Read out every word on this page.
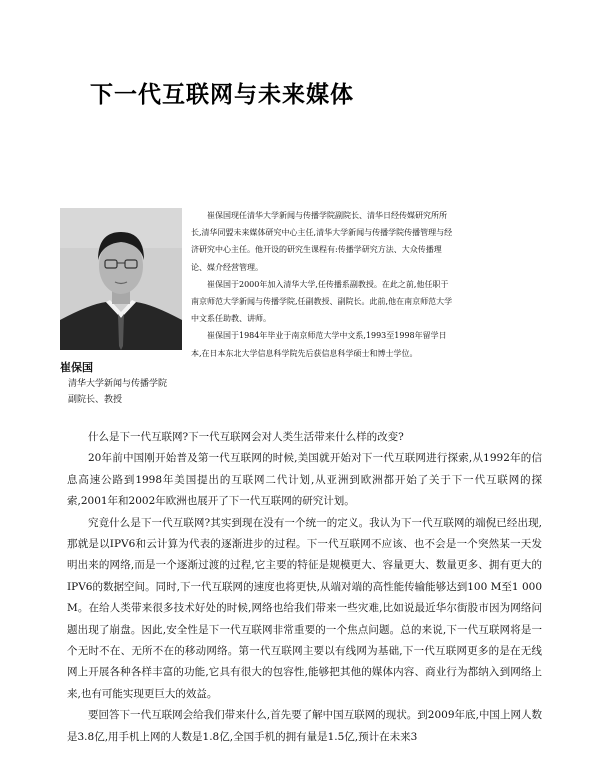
下一代互联网与未来媒体

崔保国现任清华大学新闻与传播学院副院长、清华日经传媒研究所所长,清华同盟未来媒体研究中心主任,清华大学新闻与传播学院传播管理与经济研究中心主任。他开设的研究生课程有:传播学研究方法、大众传播理论、媒介经营管理。

崔保国于2000年加入清华大学,任传播系副教授。在此之前,他任职于南京师范大学新闻与传播学院,任副教授、副院长。此前,他在南京师范大学中文系任助教、讲师。

崔保国于1984年毕业于南京师范大学中文系,1993至1998年留学日本,在日本东北大学信息科学院先后获信息科学硕士和博士学位。

崔保国
清华大学新闻与传播学院
副院长、教授

什么是下一代互联网?下一代互联网会对人类生活带来什么样的改变?

20年前中国刚开始普及第一代互联网的时候,美国就开始对下一代互联网进行探索,从1992年的信息高速公路到1998年美国提出的互联网二代计划,从亚洲到欧洲都开始了关于下一代互联网的探索,2001年和2002年欧洲也展开了下一代互联网的研究计划。

究竟什么是下一代互联网?其实到现在没有一个统一的定义。我认为下一代互联网的端倪已经出现,那就是以IPV6和云计算为代表的逐渐进步的过程。下一代互联网不应该、也不会是一个突然某一天发明出来的网络,而是一个逐渐过渡的过程,它主要的特征是规模更大、容量更大、数量更多、拥有更大的IPV6的数据空间。同时,下一代互联网的速度也将更快,从端对端的高性能传输能够达到100 M至1 000 M。在给人类带来很多技术好处的时候,网络也给我们带来一些灾难,比如说最近华尔街股市因为网络问题出现了崩盘。因此,安全性是下一代互联网非常重要的一个焦点问题。总的来说,下一代互联网将是一个无时不在、无所不在的移动网络。第一代互联网主要以有线网为基础,下一代互联网更多的是在无线网上开展各种各样丰富的功能,它具有很大的包容性,能够把其他的媒体内容、商业行为都纳入到网络上来,也有可能实现更巨大的效益。

要回答下一代互联网会给我们带来什么,首先要了解中国互联网的现状。到2009年底,中国上网人数是3.8亿,用手机上网的人数是1.8亿,全国手机的拥有量是1.5亿,预计在未来3
